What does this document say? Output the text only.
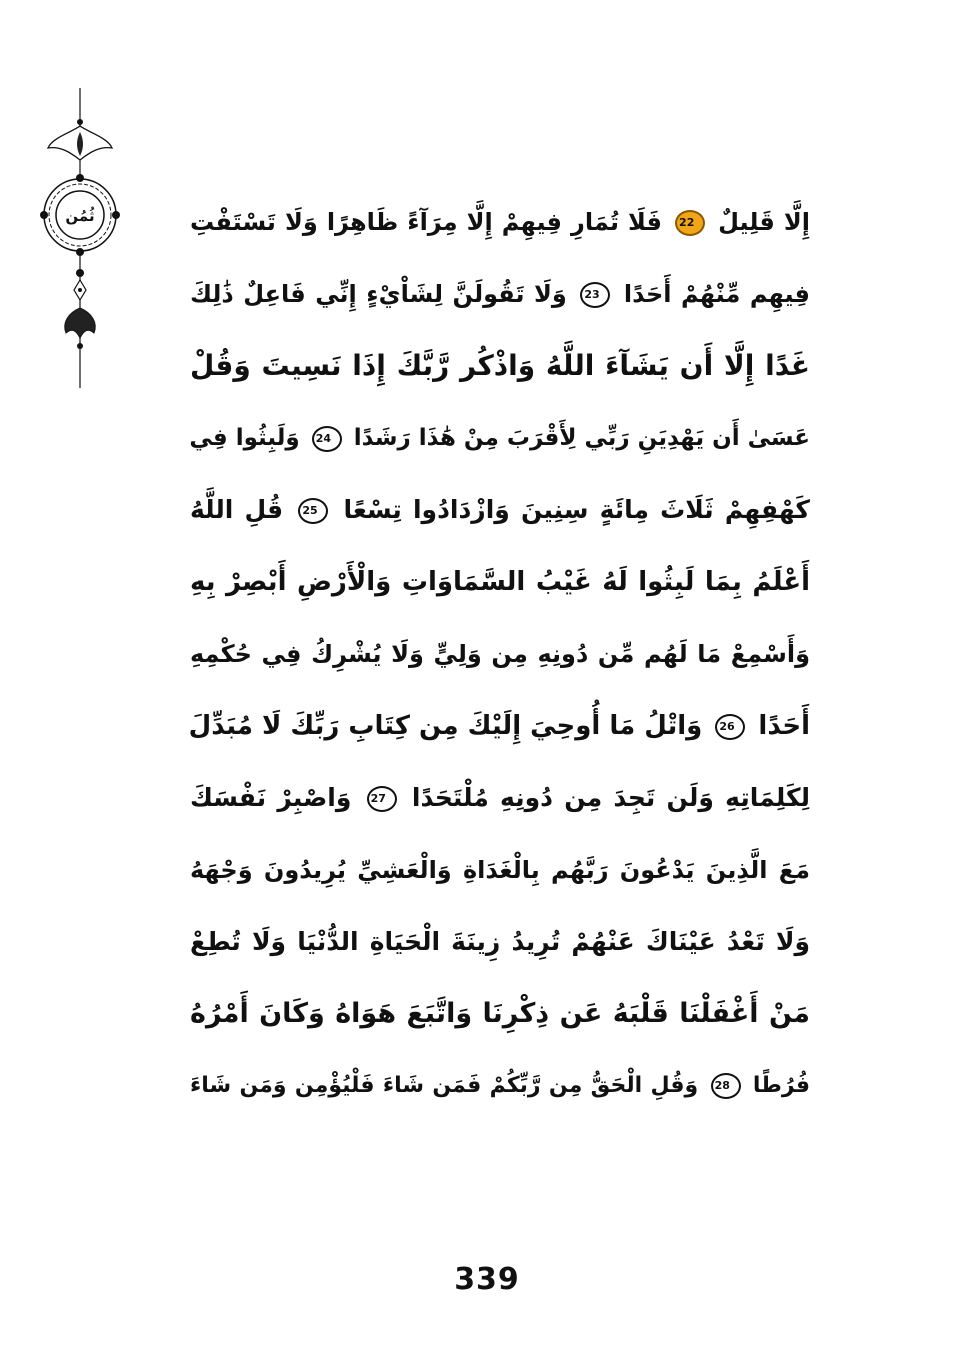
ثُمُن	إِلَّا قَلِيلٌ 22 فَلَا تُمَارِ فِيهِمْ إِلَّا مِرَآءً ظَاهِرًا وَلَا تَسْتَفْتِ
فِيهِم مِّنْهُمْ أَحَدًا 23 وَلَا تَقُولَنَّ لِشَاْيْءٍ إِنِّي فَاعِلٌ ذَٰلِكَ
غَدًا إِلَّا أَن يَشَآءَ اللَّهُ وَاذْكُر رَّبَّكَ إِذَا نَسِيتَ وَقُلْ
عَسَىٰ أَن يَهْدِيَنِ رَبِّي لِأَقْرَبَ مِنْ هَٰذَا رَشَدًا 24 وَلَبِثُوا فِي
كَهْفِهِمْ ثَلَاثَ مِائَةٍ سِنِينَ وَازْدَادُوا تِسْعًا 25 قُلِ اللَّهُ
أَعْلَمُ بِمَا لَبِثُوا لَهُ غَيْبُ السَّمَاوَاتِ وَالْأَرْضِ أَبْصِرْ بِهِ
وَأَسْمِعْ مَا لَهُم مِّن دُونِهِ مِن وَلِيٍّ وَلَا يُشْرِكُ فِي حُكْمِهِ
أَحَدًا 26 وَاتْلُ مَا أُوحِيَ إِلَيْكَ مِن كِتَابِ رَبِّكَ لَا مُبَدِّلَ
لِكَلِمَاتِهِ وَلَن تَجِدَ مِن دُونِهِ مُلْتَحَدًا 27 وَاصْبِرْ نَفْسَكَ
مَعَ الَّذِينَ يَدْعُونَ رَبَّهُم بِالْغَدَاةِ وَالْعَشِيِّ يُرِيدُونَ وَجْهَهُ
وَلَا تَعْدُ عَيْنَاكَ عَنْهُمْ تُرِيدُ زِينَةَ الْحَيَاةِ الدُّنْيَا وَلَا تُطِعْ
مَنْ أَغْفَلْنَا قَلْبَهُ عَن ذِكْرِنَا وَاتَّبَعَ هَوَاهُ وَكَانَ أَمْرُهُ
فُرُطًا 28 وَقُلِ الْحَقُّ مِن رَّبِّكُمْ فَمَن شَاءَ فَلْيُؤْمِن وَمَن شَاءَ
339
